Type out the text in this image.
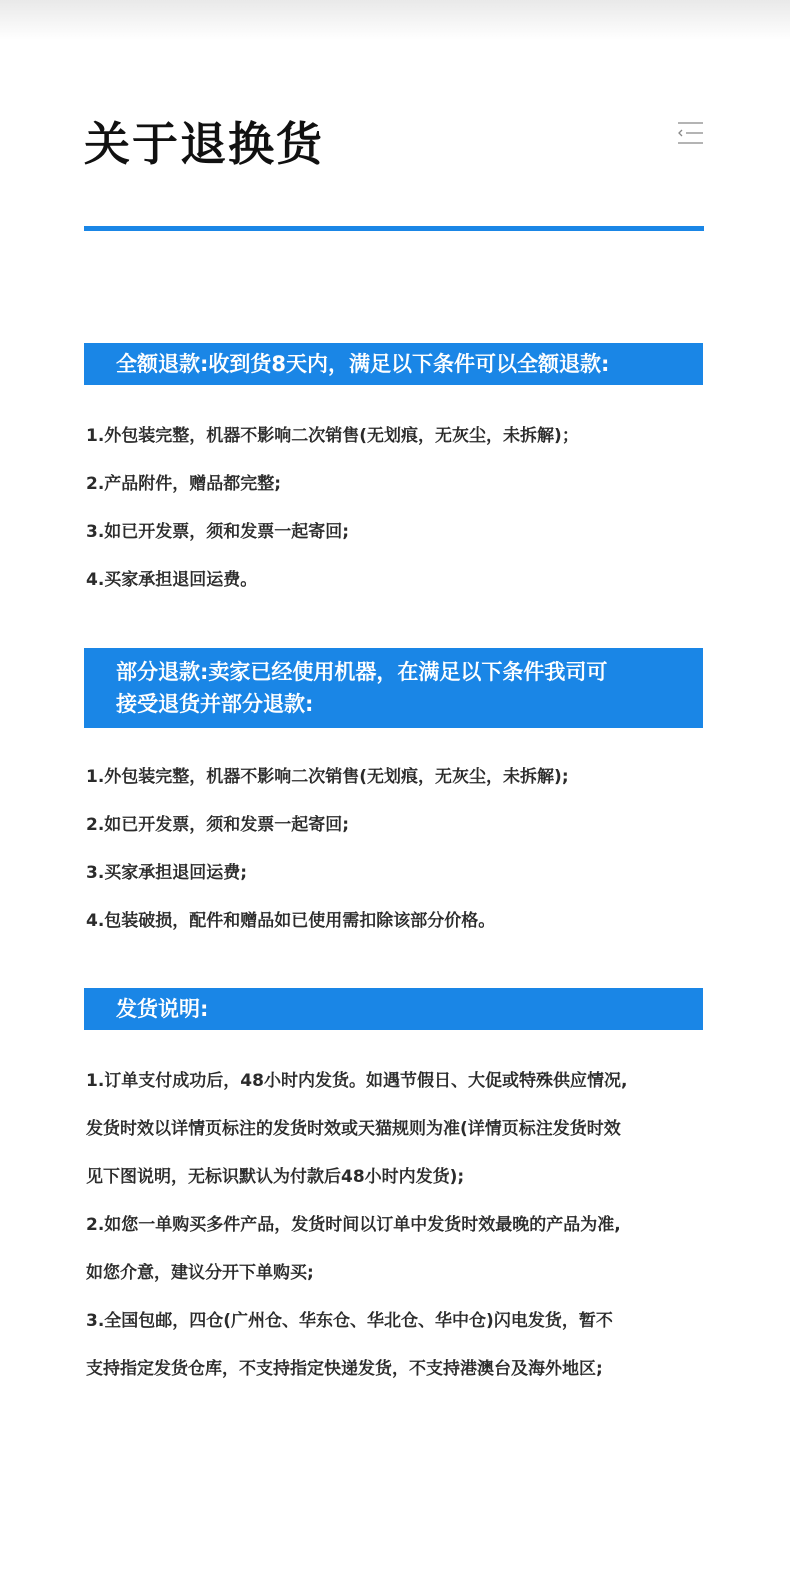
关于退换货
全额退款:收到货8天内，满足以下条件可以全额退款:
1.外包装完整，机器不影响二次销售(无划痕，无灰尘，未拆解)；
2.产品附件，赠品都完整;
3.如已开发票，须和发票一起寄回;
4.买家承担退回运费。
部分退款:卖家已经使用机器，在满足以下条件我司可
接受退货并部分退款:
1.外包装完整，机器不影响二次销售(无划痕，无灰尘，未拆解);
2.如已开发票，须和发票一起寄回;
3.买家承担退回运费;
4.包装破损，配件和赠品如已使用需扣除该部分价格。
发货说明:
1.订单支付成功后，48小时内发货。如遇节假日、大促或特殊供应情况,
发货时效以详情页标注的发货时效或天猫规则为准(详情页标注发货时效
见下图说明，无标识默认为付款后48小时内发货);
2.如您一单购买多件产品，发货时间以订单中发货时效最晚的产品为准,
如您介意，建议分开下单购买;
3.全国包邮，四仓(广州仓、华东仓、华北仓、华中仓)闪电发货，暂不
支持指定发货仓库，不支持指定快递发货，不支持港澳台及海外地区;
